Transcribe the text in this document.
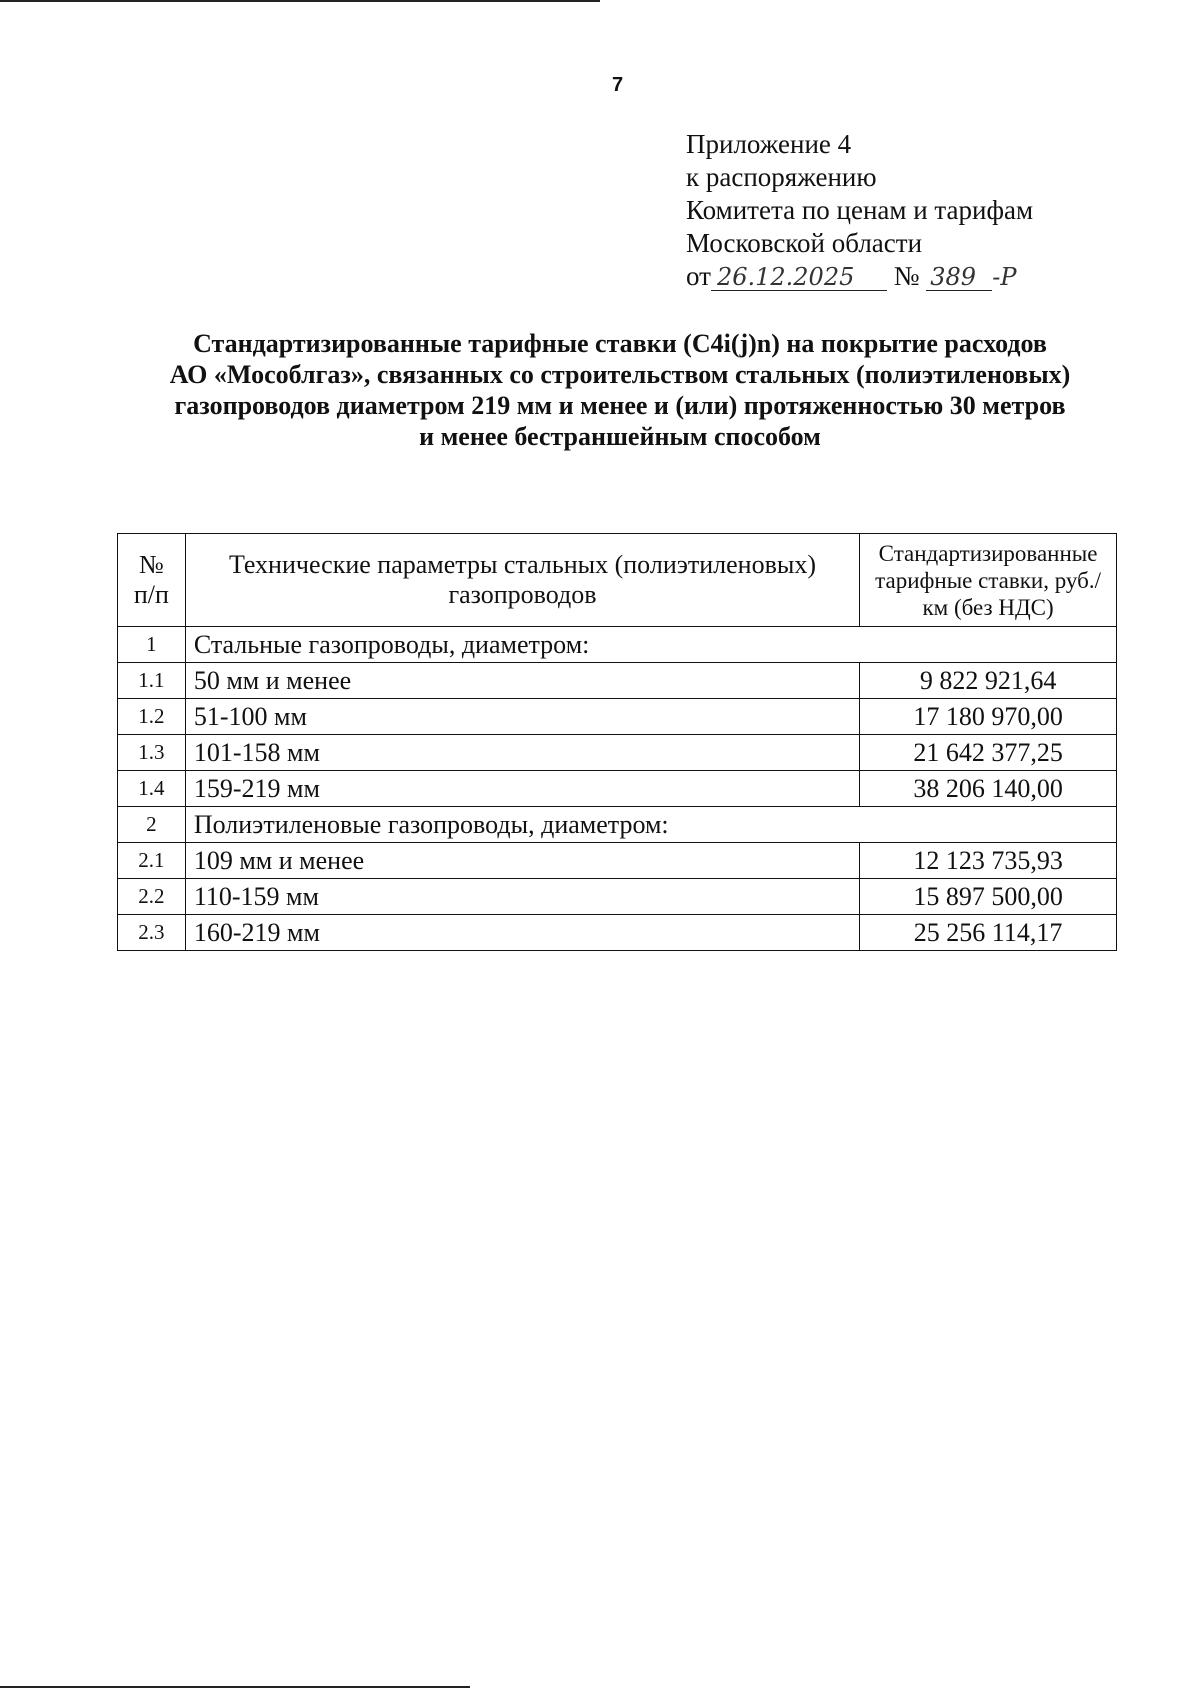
7
Приложение 4
к распоряжению
Комитета по ценам и тарифам
Московской области
от 26.12.2025 № 389 -Р
Стандартизированные тарифные ставки (C4i(j)n) на покрытие расходов
АО «Мособлгаз», связанных со строительством стальных (полиэтиленовых)
газопроводов диаметром 219 мм и менее и (или) протяженностью 30 метров
и менее бестраншейным способом
№
п/п	Технические параметры стальных (полиэтиленовых) газопроводов	Стандартизированные тарифные ставки, руб./км (без НДС)
1	Стальные газопроводы, диаметром:	
1.1	50 мм и менее	9 822 921,64
1.2	51-100 мм	17 180 970,00
1.3	101-158 мм	21 642 377,25
1.4	159-219 мм	38 206 140,00
2	Полиэтиленовые газопроводы, диаметром:	
2.1	109 мм и менее	12 123 735,93
2.2	110-159 мм	15 897 500,00
2.3	160-219 мм	25 256 114,17
